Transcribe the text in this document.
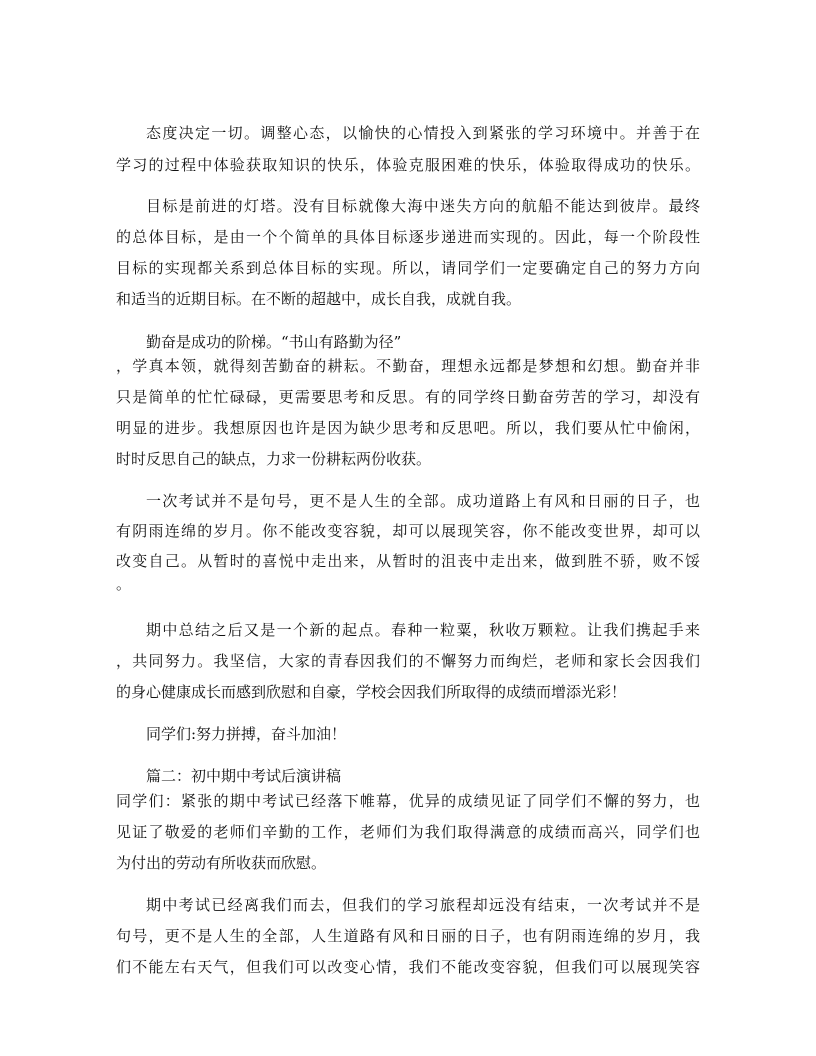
态度决定一切。调整心态，以愉快的心情投入到紧张的学习环境中。并善于在
学习的过程中体验获取知识的快乐，体验克服困难的快乐，体验取得成功的快乐。
目标是前进的灯塔。没有目标就像大海中迷失方向的航船不能达到彼岸。最终
的总体目标，是由一个个简单的具体目标逐步递进而实现的。因此，每一个阶段性
目标的实现都关系到总体目标的实现。所以，请同学们一定要确定自己的努力方向
和适当的近期目标。在不断的超越中，成长自我，成就自我。
勤奋是成功的阶梯。“书山有路勤为径”
，学真本领，就得刻苦勤奋的耕耘。不勤奋，理想永远都是梦想和幻想。勤奋并非
只是简单的忙忙碌碌，更需要思考和反思。有的同学终日勤奋劳苦的学习，却没有
明显的进步。我想原因也许是因为缺少思考和反思吧。所以，我们要从忙中偷闲，
时时反思自己的缺点，力求一份耕耘两份收获。
一次考试并不是句号，更不是人生的全部。成功道路上有风和日丽的日子，也
有阴雨连绵的岁月。你不能改变容貌，却可以展现笑容，你不能改变世界，却可以
改变自己。从暂时的喜悦中走出来，从暂时的沮丧中走出来，做到胜不骄，败不馁
。
期中总结之后又是一个新的起点。春种一粒粟，秋收万颗粒。让我们携起手来
，共同努力。我坚信，大家的青春因我们的不懈努力而绚烂，老师和家长会因我们
的身心健康成长而感到欣慰和自豪，学校会因我们所取得的成绩而增添光彩！
同学们:努力拼搏，奋斗加油！
篇二：初中期中考试后演讲稿
同学们：紧张的期中考试已经落下帷幕，优异的成绩见证了同学们不懈的努力，也
见证了敬爱的老师们辛勤的工作，老师们为我们取得满意的成绩而高兴，同学们也
为付出的劳动有所收获而欣慰。
期中考试已经离我们而去，但我们的学习旅程却远没有结束，一次考试并不是
句号，更不是人生的全部，人生道路有风和日丽的日子，也有阴雨连绵的岁月，我
们不能左右天气，但我们可以改变心情，我们不能改变容貌，但我们可以展现笑容
